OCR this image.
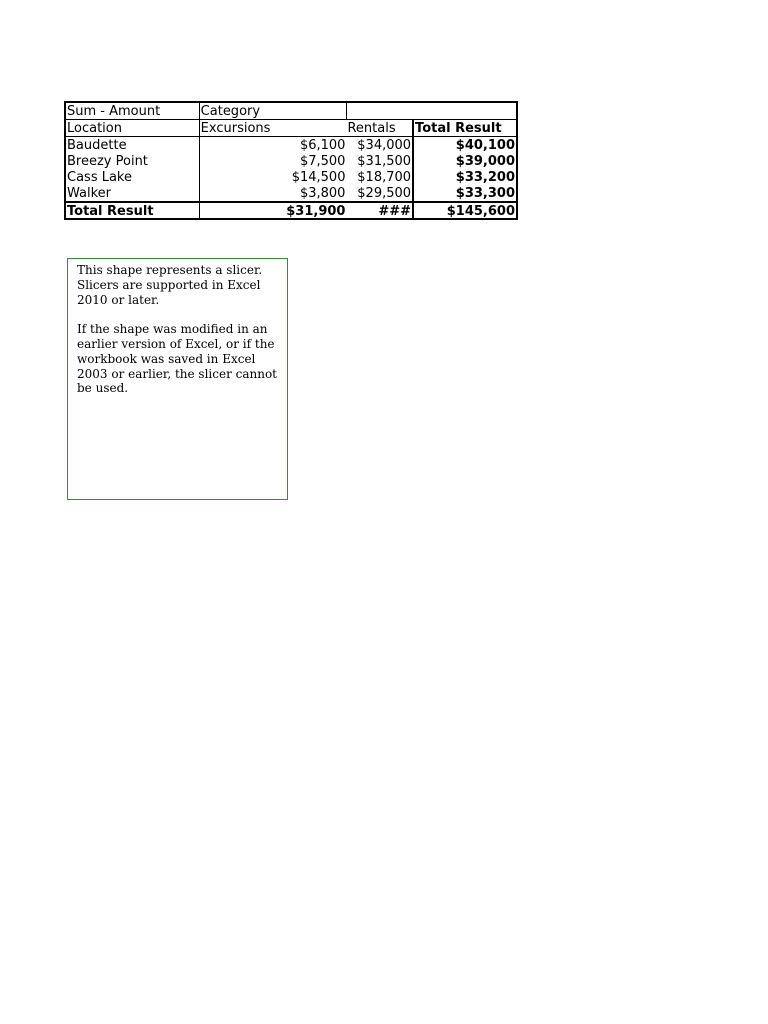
Sum - Amount	Category		
Location	Excursions	Rentals	Total Result
Baudette	$6,100	$34,000	$40,100
Breezy Point	$7,500	$31,500	$39,000
Cass Lake	$14,500	$18,700	$33,200
Walker	$3,800	$29,500	$33,300
Total Result	$31,900	###	$145,600

This shape represents a slicer. Slicers are supported in Excel 2010 or later.

If the shape was modified in an earlier version of Excel, or if the workbook was saved in Excel 2003 or earlier, the slicer cannot be used.
